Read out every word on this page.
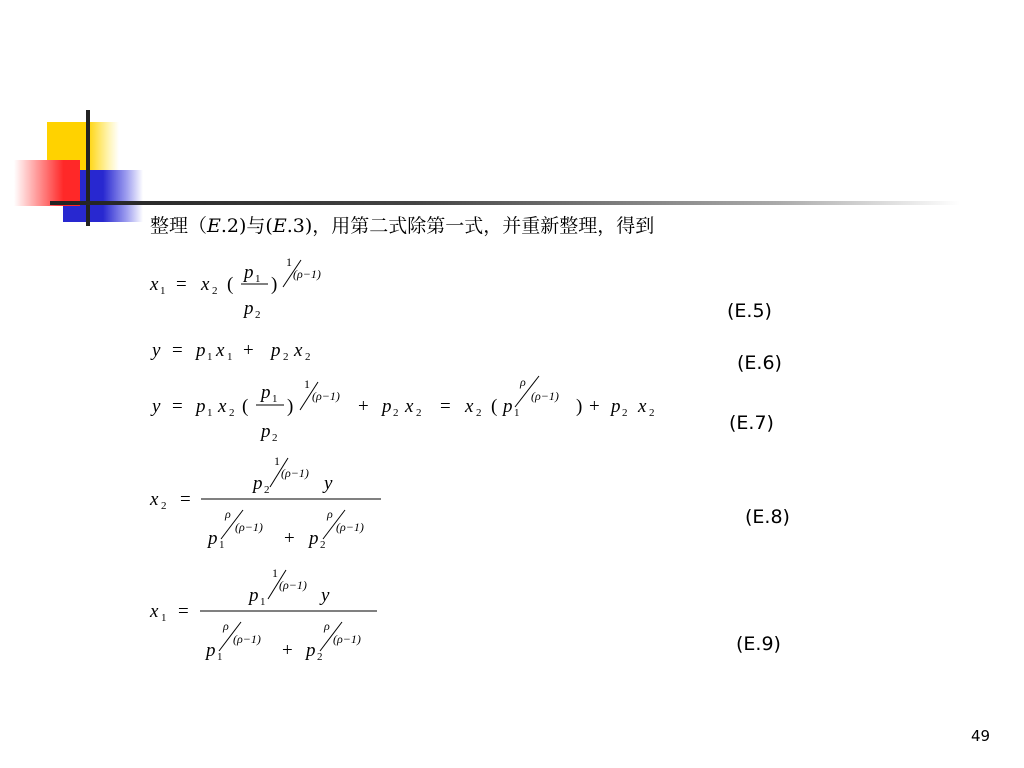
整理（E.2)与(E.3)，用第二式除第一式，并重新整理，得到
(E.5)
(E.6)
(E.7)
(E.8)
(E.9)
49
x 1 = x 2 (
p 1
p 2
)
1
(ρ−1)
y = p 1 x 1 + p 2 x 2
y = p 1 x 2 (
p 1
p 2
)
1
(ρ−1) + p 2 x 2 = x 2 ( p 1
ρ
(ρ−1) ) + p 2 x 2
x 2 =
p 2
1
(ρ−1) y
p 1
ρ
(ρ−1)
+ p 2
ρ
(ρ−1)
x 1 =
p 1
1
(ρ−1) y
p 1
ρ
(ρ−1)
+ p 2
ρ
(ρ−1)
